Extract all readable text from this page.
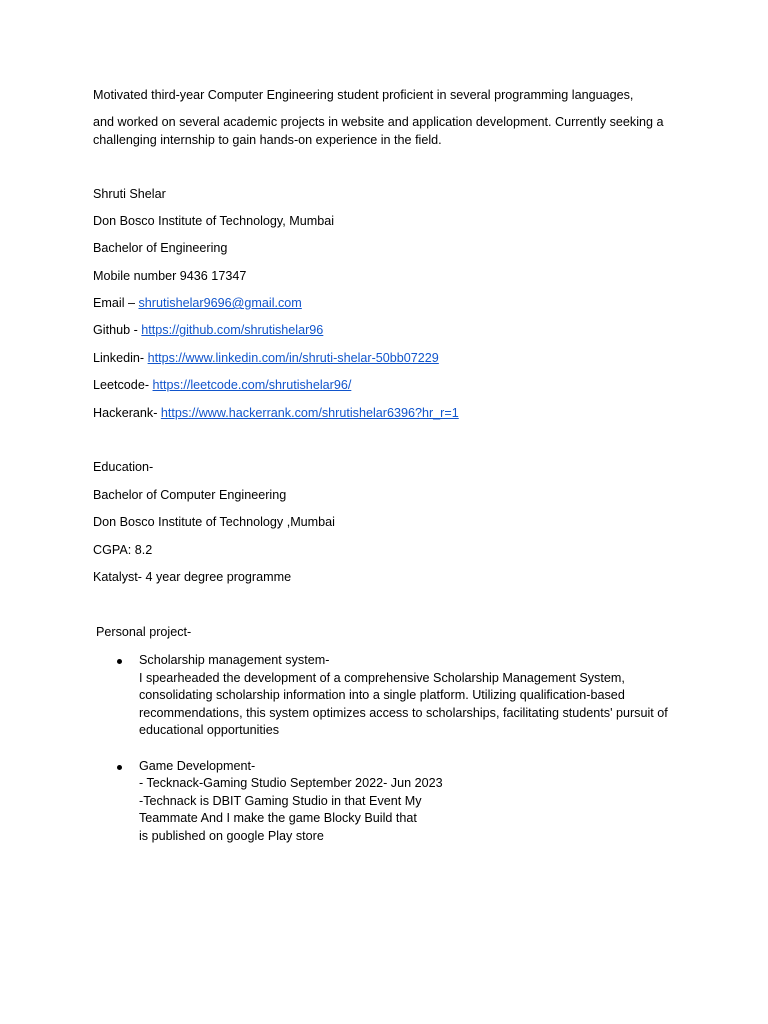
Motivated third-year Computer Engineering student proficient in several programming languages,

and worked on several academic projects in website and application development. Currently seeking a challenging internship to gain hands-on experience in the field.

Shruti Shelar

Don Bosco Institute of Technology, Mumbai

Bachelor of Engineering

Mobile number 9436 17347

Email – shrutishelar9696@gmail.com

Github - https://github.com/shrutishelar96

Linkedin- https://www.linkedin.com/in/shruti-shelar-50bb07229

Leetcode- https://leetcode.com/shrutishelar96/

Hackerank- https://www.hackerrank.com/shrutishelar6396?hr_r=1

Education-

Bachelor of Computer Engineering

Don Bosco Institute of Technology ,Mumbai

CGPA: 8.2

Katalyst- 4 year degree programme

Personal project-

Scholarship management system-
I spearheaded the development of a comprehensive Scholarship Management System, consolidating scholarship information into a single platform. Utilizing qualification-based recommendations, this system optimizes access to scholarships, facilitating students' pursuit of educational opportunities
Game Development-
- Tecknack-Gaming Studio September 2022- Jun 2023
-Technack is DBIT Gaming Studio in that Event My
Teammate And I make the game Blocky Build that
is published on google Play store
